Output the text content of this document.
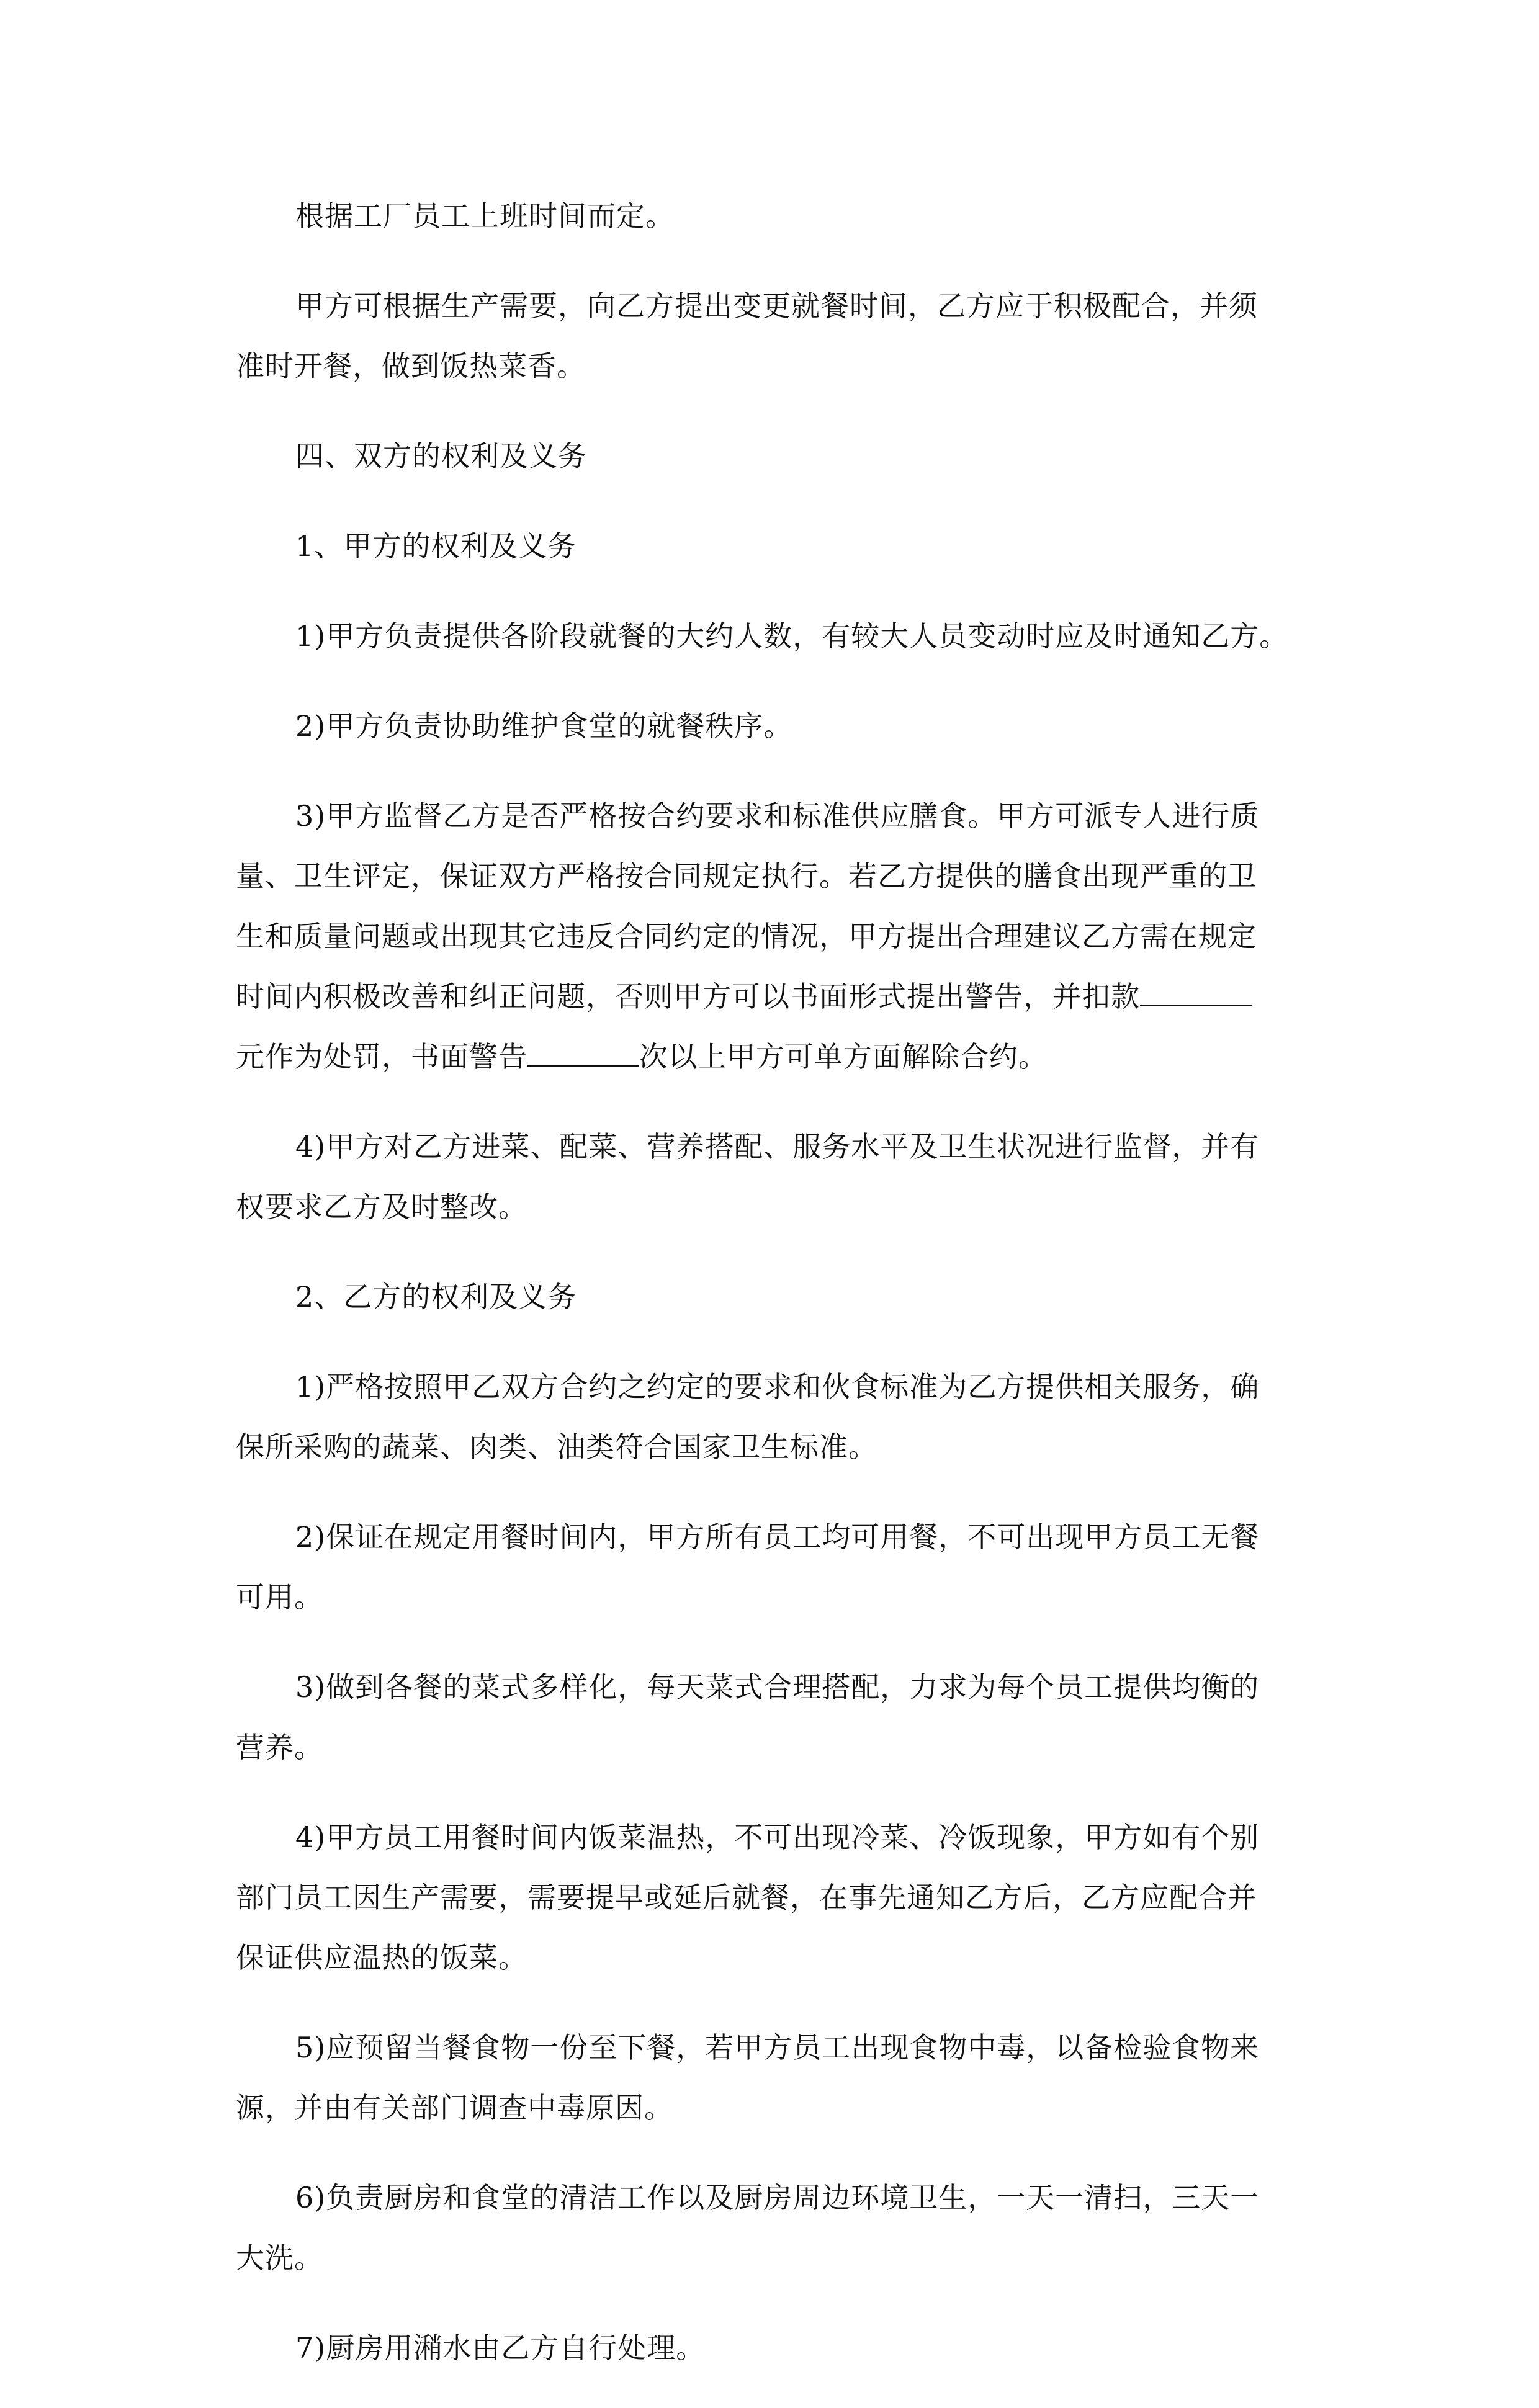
根据工厂员工上班时间而定。

甲方可根据生产需要，向乙方提出变更就餐时间，乙方应于积极配合，并须
准时开餐，做到饭热菜香。

四、双方的权利及义务

1、甲方的权利及义务

1)甲方负责提供各阶段就餐的大约人数，有较大人员变动时应及时通知乙方。

2)甲方负责协助维护食堂的就餐秩序。

3)甲方监督乙方是否严格按合约要求和标准供应膳食。甲方可派专人进行质
量、卫生评定，保证双方严格按合同规定执行。若乙方提供的膳食出现严重的卫
生和质量问题或出现其它违反合同约定的情况，甲方提出合理建议乙方需在规定
时间内积极改善和纠正问题，否则甲方可以书面形式提出警告，并扣款
元作为处罚，书面警告	次以上甲方可单方面解除合约。

4)甲方对乙方进菜、配菜、营养搭配、服务水平及卫生状况进行监督，并有
权要求乙方及时整改。

2、乙方的权利及义务

1)严格按照甲乙双方合约之约定的要求和伙食标准为乙方提供相关服务，确
保所采购的蔬菜、肉类、油类符合国家卫生标准。

2)保证在规定用餐时间内，甲方所有员工均可用餐，不可出现甲方员工无餐
可用。

3)做到各餐的菜式多样化，每天菜式合理搭配，力求为每个员工提供均衡的
营养。

4)甲方员工用餐时间内饭菜温热，不可出现冷菜、冷饭现象，甲方如有个别
部门员工因生产需要，需要提早或延后就餐，在事先通知乙方后，乙方应配合并
保证供应温热的饭菜。

5)应预留当餐食物一份至下餐，若甲方员工出现食物中毒，以备检验食物来
源，并由有关部门调查中毒原因。

6)负责厨房和食堂的清洁工作以及厨房周边环境卫生，一天一清扫，三天一
大洗。

7)厨房用潲水由乙方自行处理。
